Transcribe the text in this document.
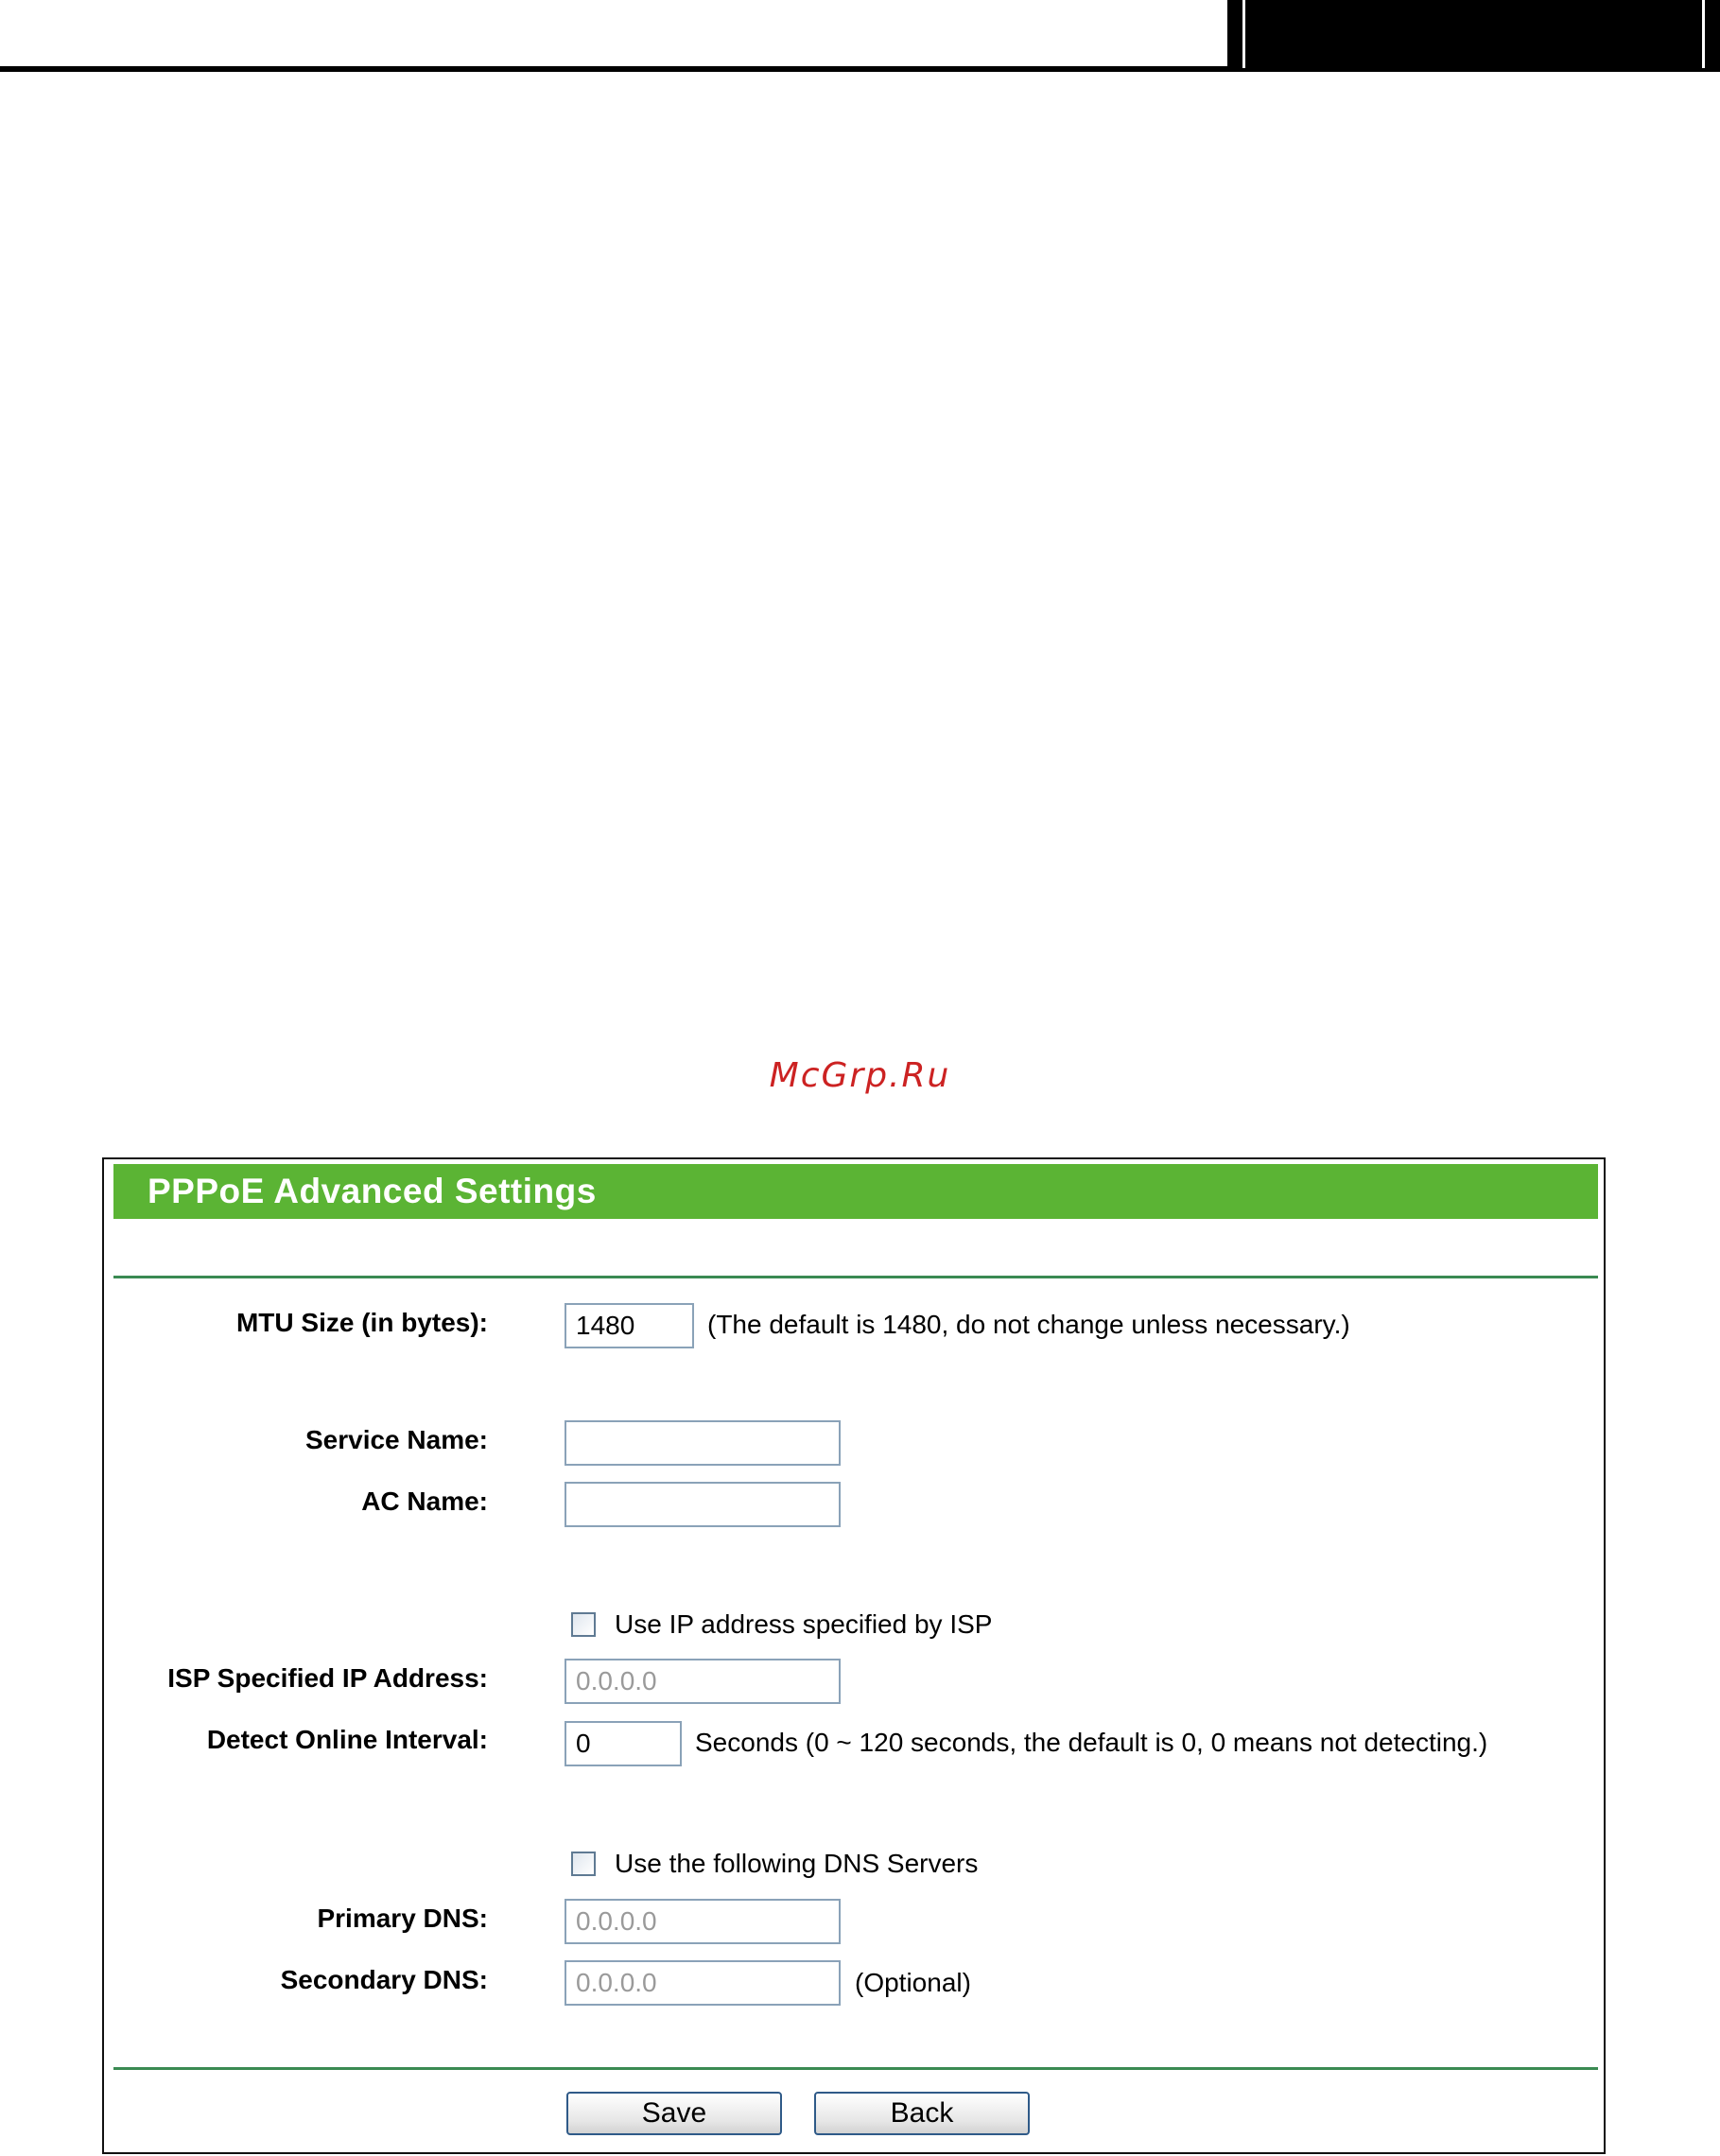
McGrp.Ru
PPPoE Advanced Settings
MTU Size (in bytes):
1480	(The default is 1480, do not change unless necessary.)
Service Name:
AC Name:
Use IP address specified by ISP
ISP Specified IP Address:
0.0.0.0
Detect Online Interval:
0	Seconds (0 ~ 120 seconds, the default is 0, 0 means not detecting.)
Use the following DNS Servers
Primary DNS:
0.0.0.0
Secondary DNS:
0.0.0.0	(Optional)
Save	Back
